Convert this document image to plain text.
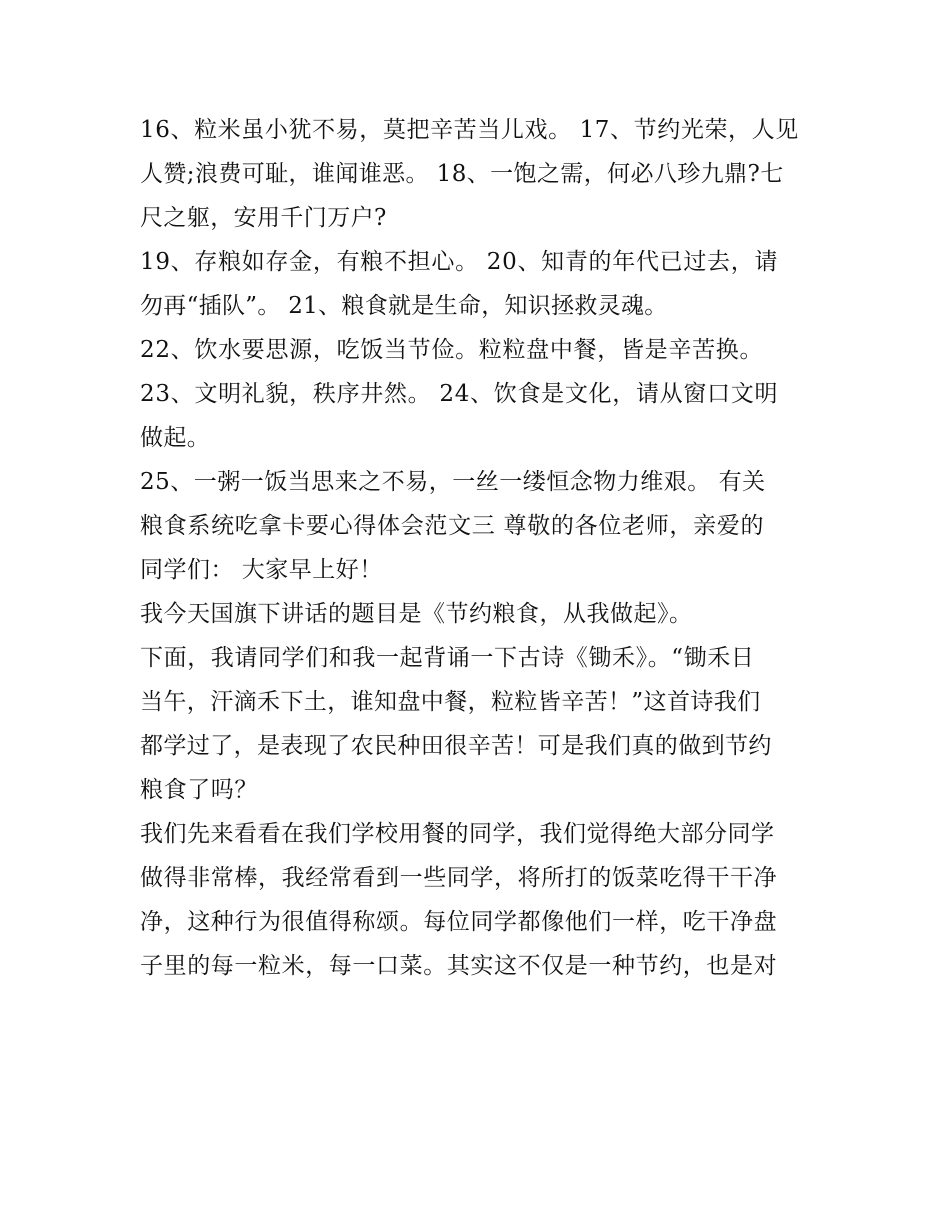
16、粒米虽小犹不易，莫把辛苦当儿戏。 17、节约光荣，人见

人赞;浪费可耻，谁闻谁恶。 18、一饱之需，何必八珍九鼎?七

尺之躯，安用千门万户?

19、存粮如存金，有粮不担心。 20、知青的年代已过去，请

勿再“插队”。 21、粮食就是生命，知识拯救灵魂。

22、饮水要思源，吃饭当节俭。粒粒盘中餐，皆是辛苦换。

23、文明礼貌，秩序井然。 24、饮食是文化，请从窗口文明

做起。

25、一粥一饭当思来之不易，一丝一缕恒念物力维艰。 有关

粮食系统吃拿卡要心得体会范文三 尊敬的各位老师，亲爱的

同学们： 大家早上好！

我今天国旗下讲话的题目是《节约粮食，从我做起》。

下面，我请同学们和我一起背诵一下古诗《锄禾》。“锄禾日

当午，汗滴禾下土，谁知盘中餐，粒粒皆辛苦！”这首诗我们

都学过了，是表现了农民种田很辛苦！可是我们真的做到节约

粮食了吗？

我们先来看看在我们学校用餐的同学，我们觉得绝大部分同学

做得非常棒，我经常看到一些同学，将所打的饭菜吃得干干净

净，这种行为很值得称颂。每位同学都像他们一样，吃干净盘

子里的每一粒米，每一口菜。其实这不仅是一种节约，也是对
